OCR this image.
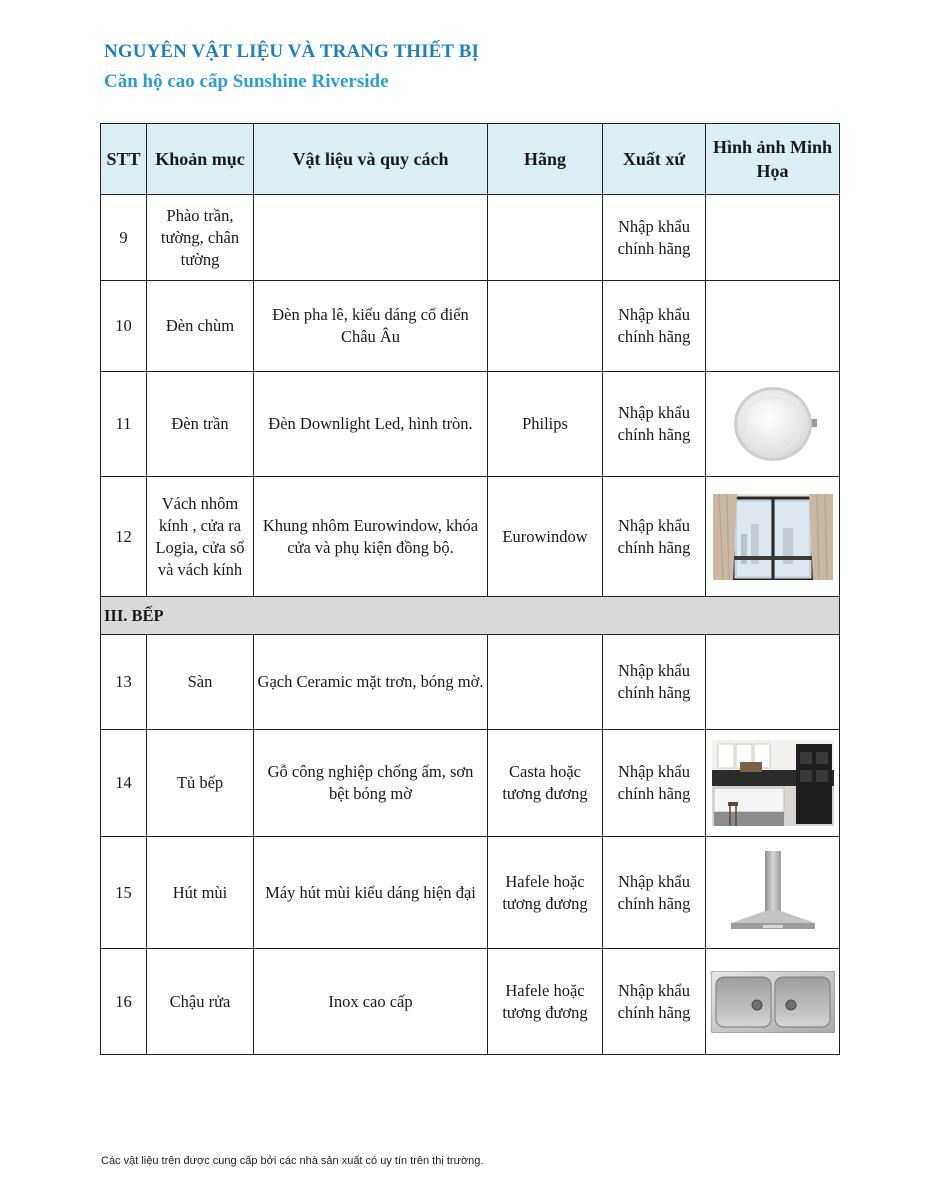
NGUYÊN VẬT LIỆU VÀ TRANG THIẾT BỊ
Căn hộ cao cấp Sunshine Riverside
STT	Khoản mục	Vật liệu và quy cách	Hãng	Xuất xứ	Hình ảnh Minh Họa
9	Phào trần, tường, chân tường			Nhập khẩu chính hãng	
10	Đèn chùm	Đèn pha lê, kiểu dáng cổ điển Châu Âu		Nhập khẩu chính hãng	
11	Đèn trần	Đèn Downlight Led, hình tròn.	Philips	Nhập khẩu chính hãng	

12	Vách nhôm kính , cửa ra Logia, cửa sổ và vách kính	Khung nhôm Eurowindow, khóa cửa và phụ kiện đồng bộ.	Eurowindow	Nhập khẩu chính hãng	

III. BẾP					
13	Sàn	Gạch Ceramic mặt trơn, bóng mờ.		Nhập khẩu chính hãng	
14	Tủ bếp	Gỗ công nghiệp chống ẩm, sơn bệt bóng mờ	Casta hoặc tương đương	Nhập khẩu chính hãng	

15	Hút mùi	Máy hút mùi kiểu dáng hiện đại	Hafele hoặc tương đương	Nhập khẩu chính hãng	

16	Chậu rửa	Inox cao cấp	Hafele hoặc tương đương	Nhập khẩu chính hãng	
Các vật liệu trên được cung cấp bởi các nhà sản xuất có uy tín trên thị trường.
